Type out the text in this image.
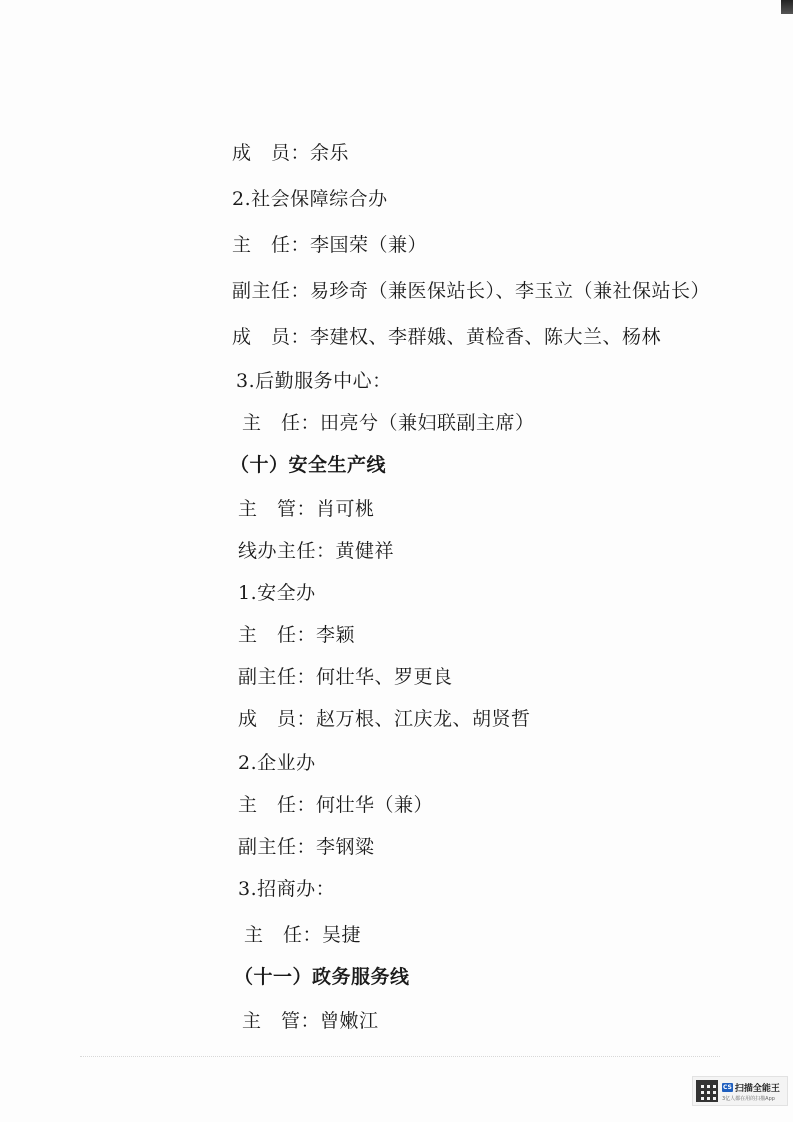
成　员：余乐
2.社会保障综合办
主　任：李国荣（兼）
副主任：易珍奇（兼医保站长）、李玉立（兼社保站长）
成　员：李建权、李群娥、黄检香、陈大兰、杨林
3.后勤服务中心：
主　任：田亮兮（兼妇联副主席）
（十）安全生产线
主　管：肖可桃
线办主任：黄健祥
1.安全办
主　任：李颖
副主任：何壮华、罗更良
成　员：赵万根、江庆龙、胡贤哲
2.企业办
主　任：何壮华（兼）
副主任：李钢粱
3.招商办：
主　任：吴捷
（十一）政务服务线
主　管：曾嫩江
CS 扫描全能王
3亿人都在用的扫描App
